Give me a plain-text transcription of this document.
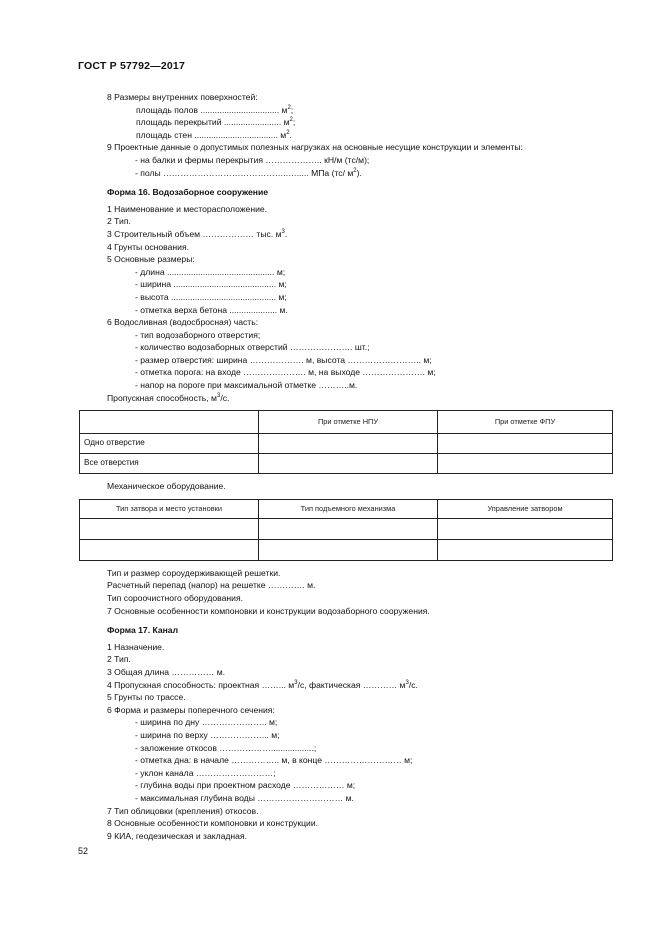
ГОСТ Р 57792—2017
8 Размеры внутренних поверхностей:
площадь полов ................................. $м^2$;
площадь перекрытий ........................ $м^2$;
площадь стен ................................... $м^2$.
9 Проектные данные о допустимых полезных нагрузках на основные несущие конструкции и элементы:
- на балки и фермы перекрытия ……………….. кН/м (тс/м);
- полы ……………………………………..…..... МПа (тс/ $м^2$).
Форма 16. Водозаборное сооружение
1 Наименование и месторасположение.
2 Тип.
3 Строительный объем ……………… тыс. $м^3$.
4 Грунты основания.
5 Основные размеры:
- длина ............................................. м;
- ширина ........................................... м;
- высота ............................................ м;
- отметка верха бетона .................... м.
6 Водосливная (водосбросная) часть:
- тип водозаборного отверстия;
- количество водозаборных отверстий …………………. шт.;
- размер отверстия: ширина ………………. м, высота …………………….. м;
- отметка порога: на входе …………………. м, на выходе …………………. м;
- напор на пороге при максимальной отметке ………..м.
Пропускная способность, $м^3/с$.
	При отметке НПУ	При отметке ФПУ
Одно отверстие		
Все отверстия		
Механическое оборудование.
Тип затвора и место установки	Тип подъемного механизма	Управление затвором

Тип и размер сороудерживающей решетки.
Расчетный перепад (напор) на решетке …………. м.
Тип сороочистного оборудования.
7 Основные особенности компоновки и конструкции водозаборного сооружения.
Форма 17. Канал
1 Назначение.
2 Тип.
3 Общая длина …………… м.
4 Пропускная способность: проектная ……... $м^3/с$, фактическая ………… $м^3/с$.
5 Грунты по трассе.
6 Форма и размеры поперечного сечения:
- ширина по дну ………………….. м;
- ширина по верху ………………... м;
- заложение откосов ………………..................;
- отметка дна: в начале …………….. м, в конце ……………………… м;
- уклон канала ………………………;
- глубина воды при проектном расходе ……………… м;
- максимальная глубина воды ………………………… м.
7 Тип облицовки (крепления) откосов.
8 Основные особенности компоновки и конструкции.
9 КИА, геодезическая и закладная.
52
